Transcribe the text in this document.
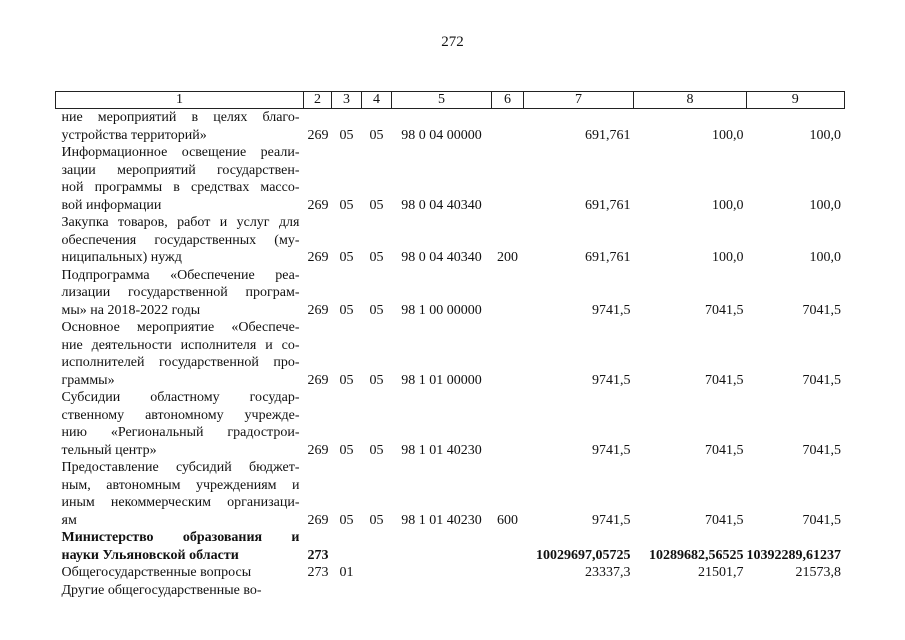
272
1	2	3	4	5	6	7	8	9

ние мероприятий в целях благо-
устройства территорий»	269	05	05	98 0 04 00000		691,761	100,0	100,0

Информационное освещение реали-
зации мероприятий государствен-
ной программы в средствах массо-
вой информации	269	05	05	98 0 04 40340		691,761	100,0	100,0

Закупка товаров, работ и услуг для
обеспечения государственных (му-
ниципальных) нужд	269	05	05	98 0 04 40340	200	691,761	100,0	100,0

Подпрограмма «Обеспечение реа-
лизации государственной програм-
мы» на 2018-2022 годы	269	05	05	98 1 00 00000		9741,5	7041,5	7041,5

Основное мероприятие «Обеспече-
ние деятельности исполнителя и со-
исполнителей государственной про-
граммы»	269	05	05	98 1 01 00000		9741,5	7041,5	7041,5

Субсидии областному государ-
ственному автономному учрежде-
нию «Региональный градострои-
тельный центр»	269	05	05	98 1 01 40230		9741,5	7041,5	7041,5

Предоставление субсидий бюджет-
ным, автономным учреждениям и
иным некоммерческим организаци-
ям	269	05	05	98 1 01 40230	600	9741,5	7041,5	7041,5

Министерство образования и
науки Ульяновской области	273					10029697,05725	10289682,56525	10392289,61237

Общегосударственные вопросы	273	01				23337,3	21501,7	21573,8

Другие общегосударственные во-								
